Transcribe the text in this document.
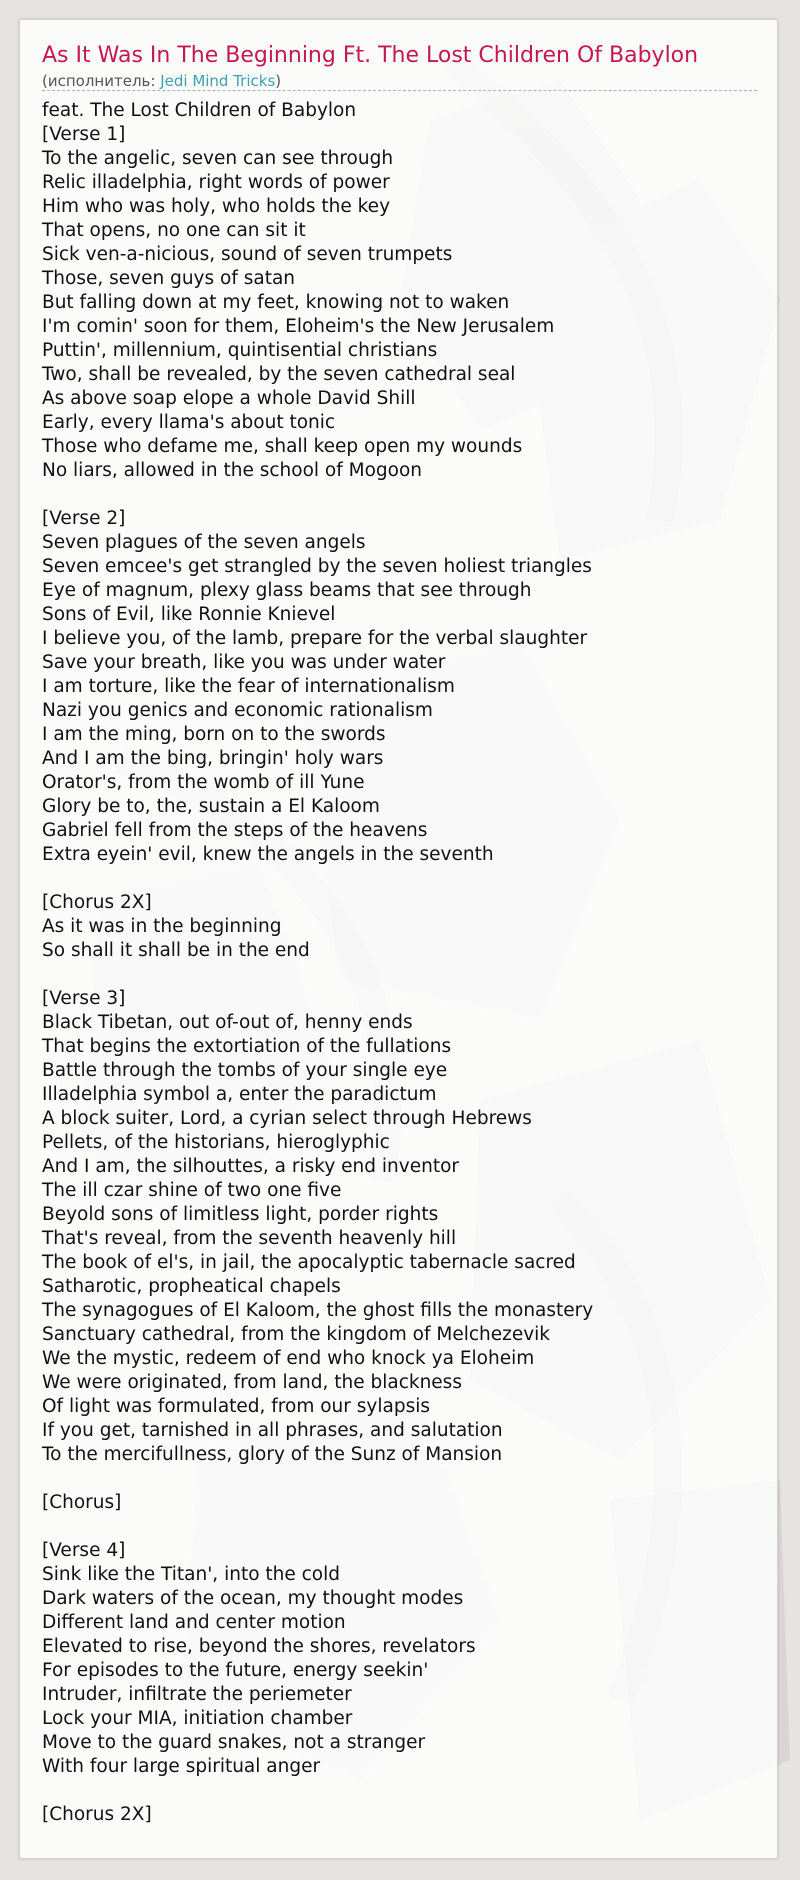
As It Was In The Beginning Ft. The Lost Children Of Babylon
(исполнитель: Jedi Mind Tricks)
feat. The Lost Children of Babylon
[Verse 1]
To the angelic, seven can see through
Relic illadelphia, right words of power
Him who was holy, who holds the key
That opens, no one can sit it
Sick ven-a-nicious, sound of seven trumpets
Those, seven guys of satan
But falling down at my feet, knowing not to waken
I'm comin' soon for them, Eloheim's the New Jerusalem
Puttin', millennium, quintisential christians
Two, shall be revealed, by the seven cathedral seal
As above soap elope a whole David Shill
Early, every llama's about tonic
Those who defame me, shall keep open my wounds
No liars, allowed in the school of Mogoon
[Verse 2]
Seven plagues of the seven angels
Seven emcee's get strangled by the seven holiest triangles
Eye of magnum, plexy glass beams that see through
Sons of Evil, like Ronnie Knievel
I believe you, of the lamb, prepare for the verbal slaughter
Save your breath, like you was under water
I am torture, like the fear of internationalism
Nazi you genics and economic rationalism
I am the ming, born on to the swords
And I am the bing, bringin' holy wars
Orator's, from the womb of ill Yune
Glory be to, the, sustain a El Kaloom
Gabriel fell from the steps of the heavens
Extra eyein' evil, knew the angels in the seventh
[Chorus 2X]
As it was in the beginning
So shall it shall be in the end
[Verse 3]
Black Tibetan, out of-out of, henny ends
That begins the extortiation of the fullations
Battle through the tombs of your single eye
Illadelphia symbol a, enter the paradictum
A block suiter, Lord, a cyrian select through Hebrews
Pellets, of the historians, hieroglyphic
And I am, the silhouttes, a risky end inventor
The ill czar shine of two one five
Beyold sons of limitless light, porder rights
That's reveal, from the seventh heavenly hill
The book of el's, in jail, the apocalyptic tabernacle sacred
Satharotic, propheatical chapels
The synagogues of El Kaloom, the ghost fills the monastery
Sanctuary cathedral, from the kingdom of Melchezevik
We the mystic, redeem of end who knock ya Eloheim
We were originated, from land, the blackness
Of light was formulated, from our sylapsis
If you get, tarnished in all phrases, and salutation
To the mercifullness, glory of the Sunz of Mansion
[Chorus]
[Verse 4]
Sink like the Titan', into the cold
Dark waters of the ocean, my thought modes
Different land and center motion
Elevated to rise, beyond the shores, revelators
For episodes to the future, energy seekin'
Intruder, infiltrate the periemeter
Lock your MIA, initiation chamber
Move to the guard snakes, not a stranger
With four large spiritual anger
[Chorus 2X]
